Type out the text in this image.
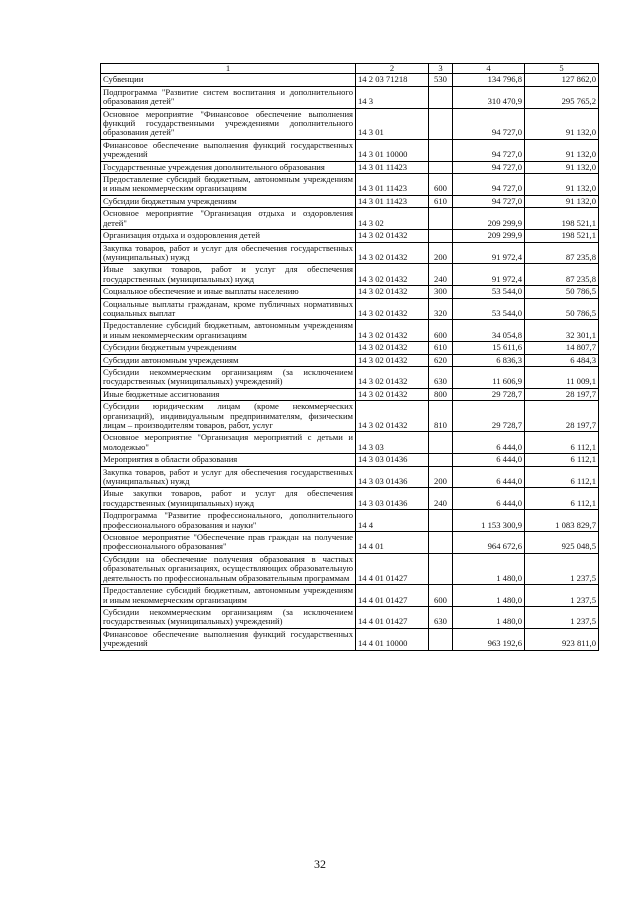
1	2	3	4	5
Субвенции	14 2 03 71218	530	134 796,8	127 862,0
Подпрограмма "Развитие систем воспитания и дополнительного образования детей"	14 3		310 470,9	295 765,2
Основное мероприятие "Финансовое обеспечение выполнения функций государственными учреждениями дополнительного образования детей"	14 3 01		94 727,0	91 132,0
Финансовое обеспечение выполнения функций государственных учреждений	14 3 01 10000		94 727,0	91 132,0
Государственные учреждения дополнительного образования	14 3 01 11423		94 727,0	91 132,0
Предоставление субсидий бюджетным, автономным учреждениям и иным некоммерческим организациям	14 3 01 11423	600	94 727,0	91 132,0
Субсидии бюджетным учреждениям	14 3 01 11423	610	94 727,0	91 132,0
Основное мероприятие "Организация отдыха и оздоровления детей"	14 3 02		209 299,9	198 521,1
Организация отдыха и оздоровления детей	14 3 02 01432		209 299,9	198 521,1
Закупка товаров, работ и услуг для обеспечения государственных (муниципальных) нужд	14 3 02 01432	200	91 972,4	87 235,8
Иные закупки товаров, работ и услуг для обеспечения государственных (муниципальных) нужд	14 3 02 01432	240	91 972,4	87 235,8
Социальное обеспечение и иные выплаты населению	14 3 02 01432	300	53 544,0	50 786,5
Социальные выплаты гражданам, кроме публичных нормативных социальных выплат	14 3 02 01432	320	53 544,0	50 786,5
Предоставление субсидий бюджетным, автономным учреждениям и иным некоммерческим организациям	14 3 02 01432	600	34 054,8	32 301,1
Субсидии бюджетным учреждениям	14 3 02 01432	610	15 611,6	14 807,7
Субсидии автономным учреждениям	14 3 02 01432	620	6 836,3	6 484,3
Субсидии некоммерческим организациям (за исключением государственных (муниципальных) учреждений)	14 3 02 01432	630	11 606,9	11 009,1
Иные бюджетные ассигнования	14 3 02 01432	800	29 728,7	28 197,7
Субсидии юридическим лицам (кроме некоммерческих организаций), индивидуальным предпринимателям, физическим лицам – производителям товаров, работ, услуг	14 3 02 01432	810	29 728,7	28 197,7
Основное мероприятие "Организация мероприятий с детьми и молодежью"	14 3 03		6 444,0	6 112,1
Мероприятия в области образования	14 3 03 01436		6 444,0	6 112,1
Закупка товаров, работ и услуг для обеспечения государственных (муниципальных) нужд	14 3 03 01436	200	6 444,0	6 112,1
Иные закупки товаров, работ и услуг для обеспечения государственных (муниципальных) нужд	14 3 03 01436	240	6 444,0	6 112,1
Подпрограмма "Развитие профессионального, дополнительного профессионального образования и науки"	14 4		1 153 300,9	1 083 829,7
Основное мероприятие "Обеспечение прав граждан на получение профессионального образования"	14 4 01		964 672,6	925 048,5
Субсидии на обеспечение получения образования в частных образовательных организациях, осуществляющих образовательную деятельность по профессиональным образовательным программам	14 4 01 01427		1 480,0	1 237,5
Предоставление субсидий бюджетным, автономным учреждениям и иным некоммерческим организациям	14 4 01 01427	600	1 480,0	1 237,5
Субсидии некоммерческим организациям (за исключением государственных (муниципальных) учреждений)	14 4 01 01427	630	1 480,0	1 237,5
Финансовое обеспечение выполнения функций государственных учреждений	14 4 01 10000		963 192,6	923 811,0
32
